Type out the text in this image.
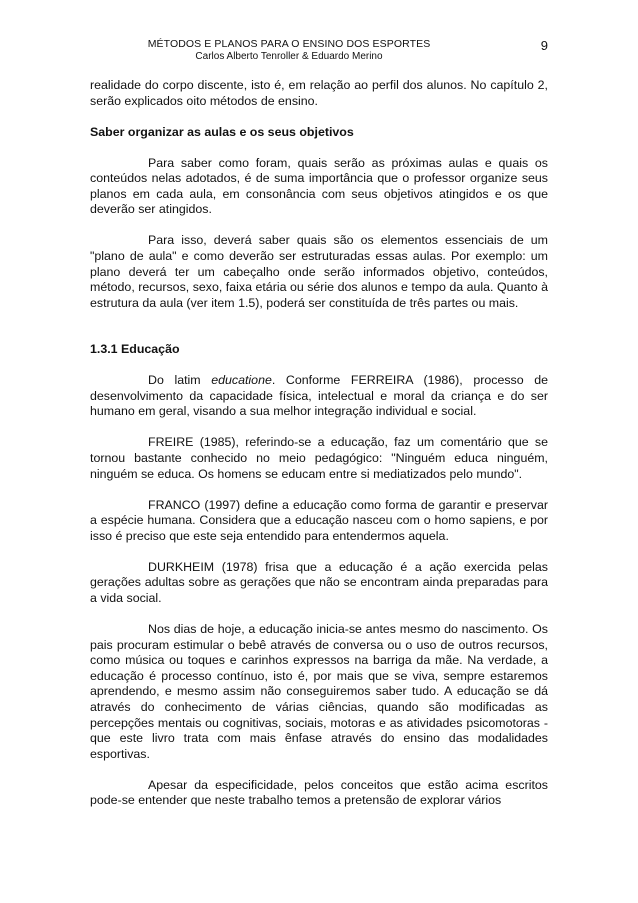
MÉTODOS E PLANOS PARA O ENSINO DOS ESPORTES
Carlos Alberto Tenroller & Eduardo Merino
9

realidade do corpo discente, isto é, em relação ao perfil dos alunos. No capítulo 2, serão explicados oito métodos de ensino.

Saber organizar as aulas e os seus objetivos

Para saber como foram, quais serão as próximas aulas e quais os conteúdos nelas adotados, é de suma importância que o professor organize seus planos em cada aula, em consonância com seus objetivos atingidos e os que deverão ser atingidos.

Para isso, deverá saber quais são os elementos essenciais de um "plano de aula" e como deverão ser estruturadas essas aulas. Por exemplo: um plano deverá ter um cabeçalho onde serão informados objetivo, conteúdos, método, recursos, sexo, faixa etária ou série dos alunos e tempo da aula. Quanto à estrutura da aula (ver item 1.5), poderá ser constituída de três partes ou mais.

1.3.1 Educação

Do latim educatione. Conforme FERREIRA (1986), processo de desenvolvimento da capacidade física, intelectual e moral da criança e do ser humano em geral, visando a sua melhor integração individual e social.

FREIRE (1985), referindo-se a educação, faz um comentário que se tornou bastante conhecido no meio pedagógico: "Ninguém educa ninguém, ninguém se educa. Os homens se educam entre si mediatizados pelo mundo".

FRANCO (1997) define a educação como forma de garantir e preservar a espécie humana. Considera que a educação nasceu com o homo sapiens, e por isso é preciso que este seja entendido para entendermos aquela.

DURKHEIM (1978) frisa que a educação é a ação exercida pelas gerações adultas sobre as gerações que não se encontram ainda preparadas para a vida social.

Nos dias de hoje, a educação inicia-se antes mesmo do nascimento. Os pais procuram estimular o bebê através de conversa ou o uso de outros recursos, como música ou toques e carinhos expressos na barriga da mãe. Na verdade, a educação é processo contínuo, isto é, por mais que se viva, sempre estaremos aprendendo, e mesmo assim não conseguiremos saber tudo. A educação se dá através do conhecimento de várias ciências, quando são modificadas as percepções mentais ou cognitivas, sociais, motoras e as atividades psicomotoras - que este livro trata com mais ênfase através do ensino das modalidades esportivas.

Apesar da especificidade, pelos conceitos que estão acima escritos pode-se entender que neste trabalho temos a pretensão de explorar vários
